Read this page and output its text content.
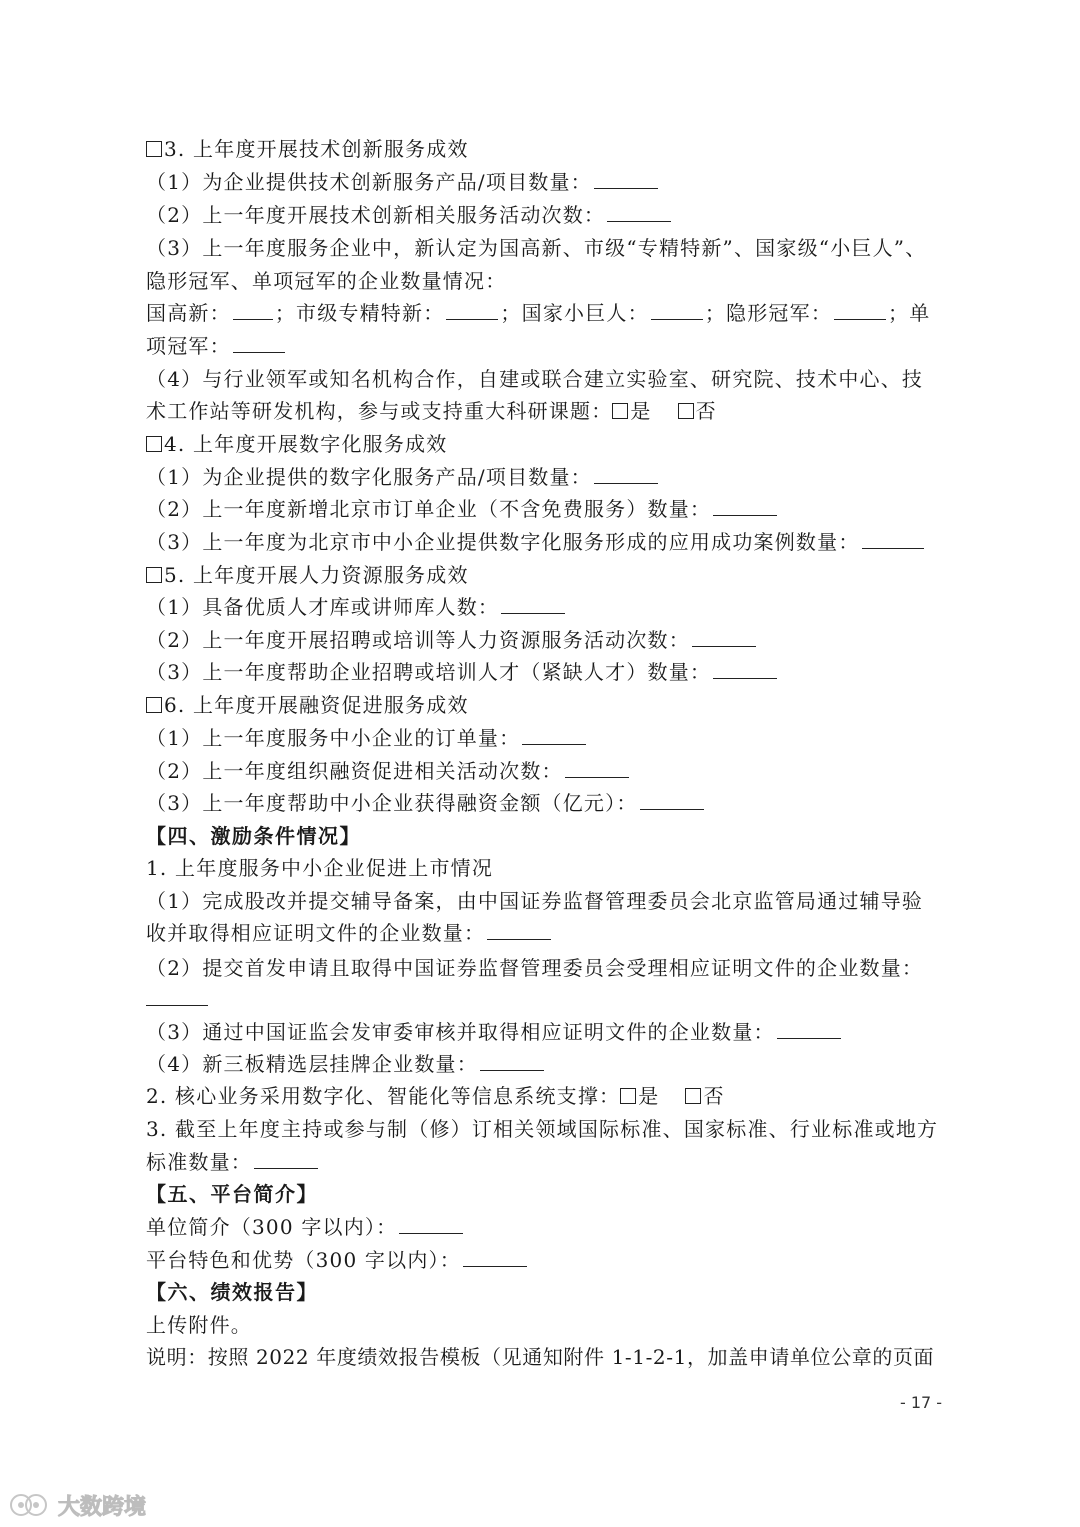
3. 上年度开展技术创新服务成效
（1）为企业提供技术创新服务产品/项目数量：
（2）上一年度开展技术创新相关服务活动次数：
（3）上一年度服务企业中，新认定为国高新、市级“专精特新”、国家级“小巨人”、
隐形冠军、单项冠军的企业数量情况：
国高新： ；市级专精特新：	；国家小巨人：	；隐形冠军：	；单
项冠军：
（4）与行业领军或知名机构合作，自建或联合建立实验室、研究院、技术中心、技
术工作站等研发机构，参与或支持重大科研课题： 是 否
4. 上年度开展数字化服务成效
（1）为企业提供的数字化服务产品/项目数量：
（2）上一年度新增北京市订单企业（不含免费服务）数量：
（3）上一年度为北京市中小企业提供数字化服务形成的应用成功案例数量：
5. 上年度开展人力资源服务成效
（1）具备优质人才库或讲师库人数：
（2）上一年度开展招聘或培训等人力资源服务活动次数：
（3）上一年度帮助企业招聘或培训人才（紧缺人才）数量：
6. 上年度开展融资促进服务成效
（1）上一年度服务中小企业的订单量：
（2）上一年度组织融资促进相关活动次数：
（3）上一年度帮助中小企业获得融资金额（亿元）：
【四、激励条件情况】
1. 上年度服务中小企业促进上市情况
（1）完成股改并提交辅导备案，由中国证券监督管理委员会北京监管局通过辅导验
收并取得相应证明文件的企业数量：
（2）提交首发申请且取得中国证券监督管理委员会受理相应证明文件的企业数量：
（3）通过中国证监会发审委审核并取得相应证明文件的企业数量：
（4）新三板精选层挂牌企业数量：
2. 核心业务采用数字化、智能化等信息系统支撑： 是 否
3. 截至上年度主持或参与制（修）订相关领域国际标准、国家标准、行业标准或地方
标准数量：
【五、平台简介】
单位简介（300 字以内）：
平台特色和优势（300 字以内）：
【六、绩效报告】
上传附件。
说明：按照 2022 年度绩效报告模板（见通知附件 1-1-2-1，加盖申请单位公章的页面
- 17 -
大数跨境
